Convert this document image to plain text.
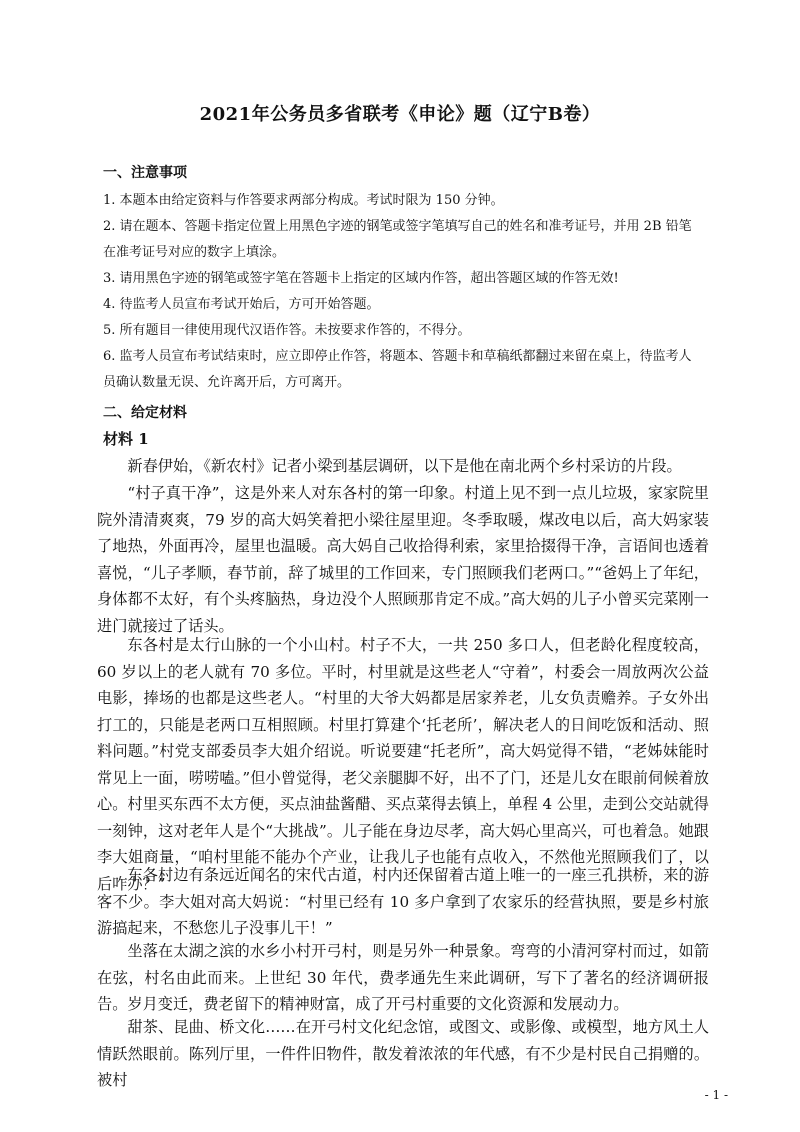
2021年公务员多省联考《申论》题（辽宁B卷）
一、注意事项
1. 本题本由给定资料与作答要求两部分构成。考试时限为 150 分钟。
2. 请在题本、答题卡指定位置上用黑色字迹的钢笔或签字笔填写自己的姓名和准考证号，并用 2B 铅笔在准考证号对应的数字上填涂。
3. 请用黑色字迹的钢笔或签字笔在答题卡上指定的区域内作答，超出答题区域的作答无效!
4. 待监考人员宣布考试开始后，方可开始答题。
5. 所有题目一律使用现代汉语作答。未按要求作答的，不得分。
6. 监考人员宣布考试结束时，应立即停止作答，将题本、答题卡和草稿纸都翻过来留在桌上，待监考人员确认数量无误、允许离开后，方可离开。
二、给定材料
材料 1

新春伊始，《新农村》记者小梁到基层调研，以下是他在南北两个乡村采访的片段。

“村子真干净”，这是外来人对东各村的第一印象。村道上见不到一点儿垃圾，家家院里院外清清爽爽，79 岁的高大妈笑着把小梁往屋里迎。冬季取暖，煤改电以后，高大妈家装了地热，外面再冷，屋里也温暖。高大妈自己收拾得利索，家里拾掇得干净，言语间也透着喜悦，“儿子孝顺，春节前，辞了城里的工作回来，专门照顾我们老两口。”“爸妈上了年纪，身体都不太好，有个头疼脑热，身边没个人照顾那肯定不成。”高大妈的儿子小曾买完菜刚一进门就接过了话头。

东各村是太行山脉的一个小山村。村子不大，一共 250 多口人，但老龄化程度较高，60 岁以上的老人就有 70 多位。平时，村里就是这些老人“守着”，村委会一周放两次公益电影，捧场的也都是这些老人。“村里的大爷大妈都是居家养老，儿女负责赡养。子女外出打工的，只能是老两口互相照顾。村里打算建个‘托老所’，解决老人的日间吃饭和活动、照料问题。”村党支部委员李大姐介绍说。听说要建“托老所”，高大妈觉得不错，“老姊妹能时常见上一面，唠唠嗑。”但小曾觉得，老父亲腿脚不好，出不了门，还是儿女在眼前伺候着放心。村里买东西不太方便，买点油盐酱醋、买点菜得去镇上，单程 4 公里，走到公交站就得一刻钟，这对老年人是个“大挑战”。儿子能在身边尽孝，高大妈心里高兴，可也着急。她跟李大姐商量，“咱村里能不能办个产业，让我儿子也能有点收入，不然他光照顾我们了，以后咋办？”

东各村边有条远近闻名的宋代古道，村内还保留着古道上唯一的一座三孔拱桥，来的游客不少。李大姐对高大妈说：“村里已经有 10 多户拿到了农家乐的经营执照，要是乡村旅游搞起来，不愁您儿子没事儿干！”

坐落在太湖之滨的水乡小村开弓村，则是另外一种景象。弯弯的小清河穿村而过，如箭在弦，村名由此而来。上世纪 30 年代，费孝通先生来此调研，写下了著名的经济调研报告。岁月变迁，费老留下的精神财富，成了开弓村重要的文化资源和发展动力。

甜茶、昆曲、桥文化……在开弓村文化纪念馆，或图文、或影像、或模型，地方风土人情跃然眼前。陈列厅里，一件件旧物件，散发着浓浓的年代感，有不少是村民自己捐赠的。被村

- 1 -
